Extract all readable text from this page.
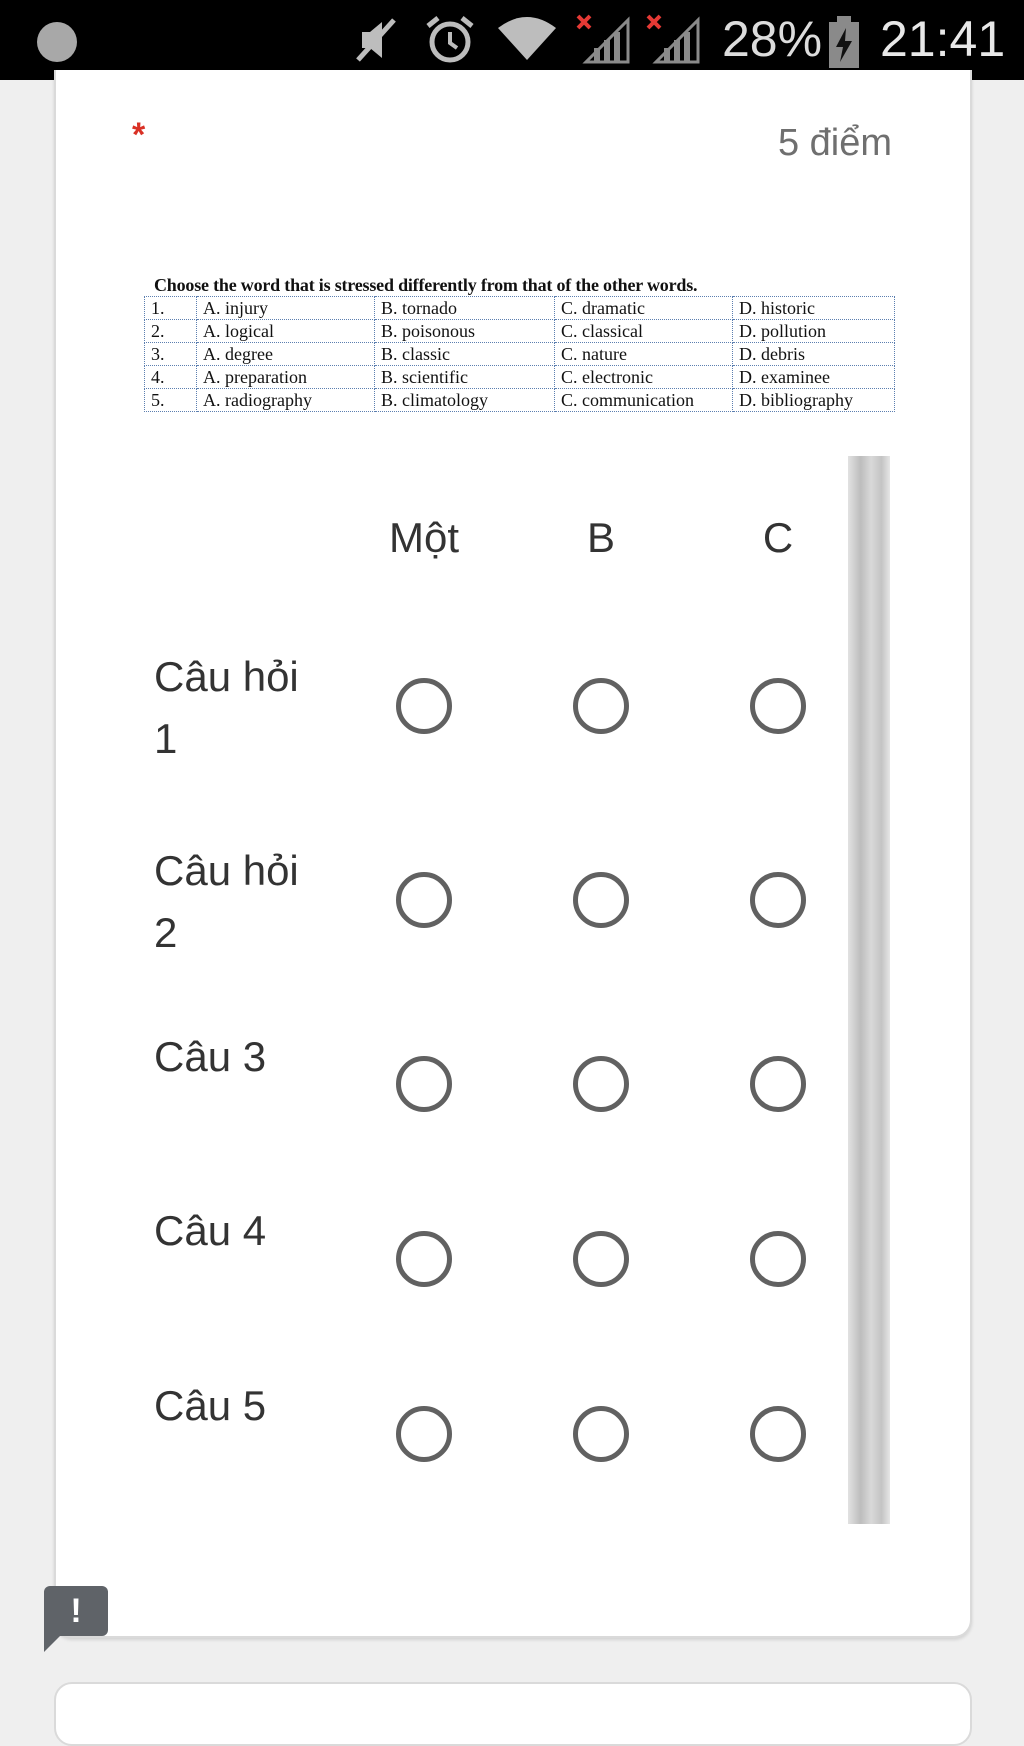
28% 21:41
*	5 điểm
Choose the word that is stressed differently from that of the other words.
1.	A. injury	B. tornado	C. dramatic	D. historic
2.	A. logical	B. poisonous	C. classical	D. pollution
3.	A. degree	B. classic	C. nature	D. debris
4.	A. preparation	B. scientific	C. electronic	D. examinee
5.	A. radiography	B. climatology	C. communication	D. bibliography
Một	B	C
Câu hỏi 1
Câu hỏi 2
Câu 3
Câu 4
Câu 5
!
